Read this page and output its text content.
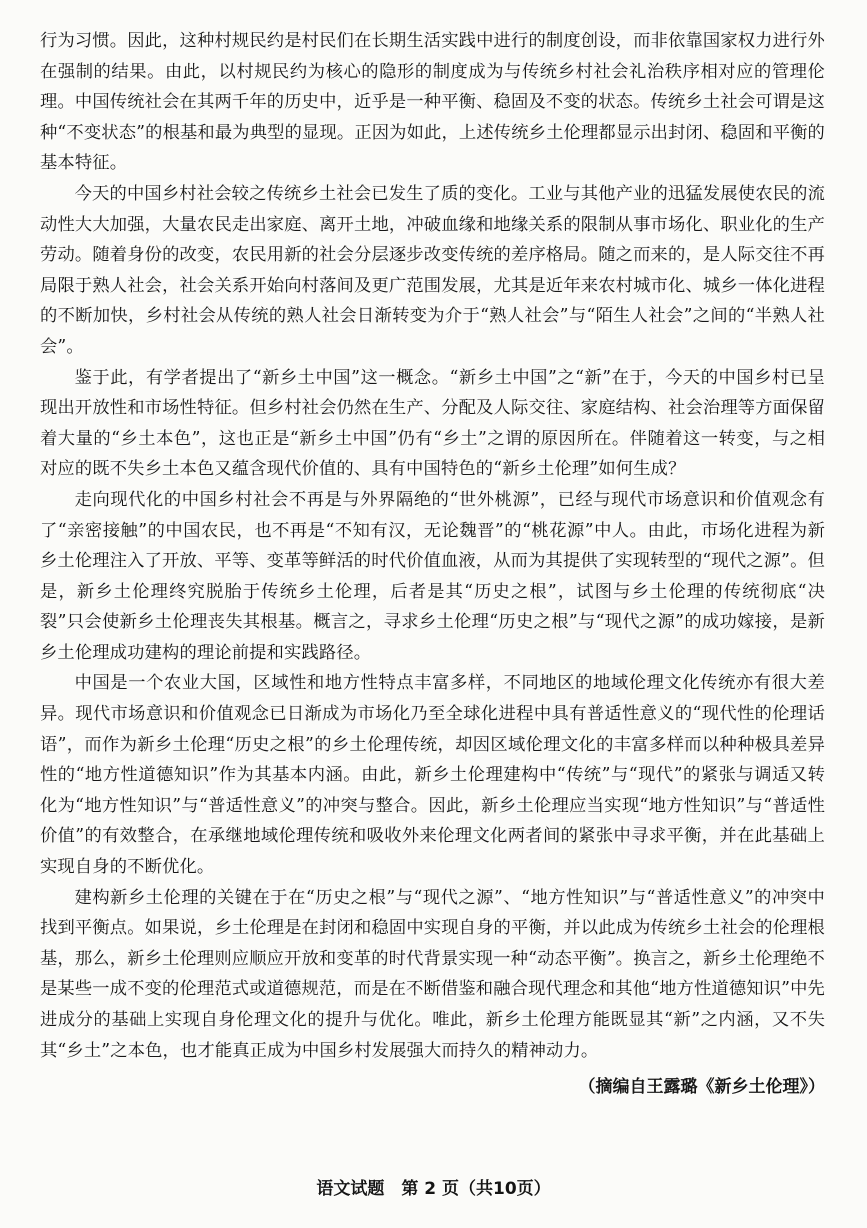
行为习惯。因此，这种村规民约是村民们在长期生活实践中进行的制度创设，而非依靠国家权力进行外在强制的结果。由此，以村规民约为核心的隐形的制度成为与传统乡村社会礼治秩序相对应的管理伦理。中国传统社会在其两千年的历史中，近乎是一种平衡、稳固及不变的状态。传统乡土社会可谓是这种“不变状态”的根基和最为典型的显现。正因为如此，上述传统乡土伦理都显示出封闭、稳固和平衡的基本特征。

今天的中国乡村社会较之传统乡土社会已发生了质的变化。工业与其他产业的迅猛发展使农民的流动性大大加强，大量农民走出家庭、离开土地，冲破血缘和地缘关系的限制从事市场化、职业化的生产劳动。随着身份的改变，农民用新的社会分层逐步改变传统的差序格局。随之而来的，是人际交往不再局限于熟人社会，社会关系开始向村落间及更广范围发展，尤其是近年来农村城市化、城乡一体化进程的不断加快，乡村社会从传统的熟人社会日渐转变为介于“熟人社会”与“陌生人社会”之间的“半熟人社会”。

鉴于此，有学者提出了“新乡土中国”这一概念。“新乡土中国”之“新”在于，今天的中国乡村已呈现出开放性和市场性特征。但乡村社会仍然在生产、分配及人际交往、家庭结构、社会治理等方面保留着大量的“乡土本色”，这也正是“新乡土中国”仍有“乡土”之谓的原因所在。伴随着这一转变，与之相对应的既不失乡土本色又蕴含现代价值的、具有中国特色的“新乡土伦理”如何生成？

走向现代化的中国乡村社会不再是与外界隔绝的“世外桃源”，已经与现代市场意识和价值观念有了“亲密接触”的中国农民，也不再是“不知有汉，无论魏晋”的“桃花源”中人。由此，市场化进程为新乡土伦理注入了开放、平等、变革等鲜活的时代价值血液，从而为其提供了实现转型的“现代之源”。但是，新乡土伦理终究脱胎于传统乡土伦理，后者是其“历史之根”，试图与乡土伦理的传统彻底“决裂”只会使新乡土伦理丧失其根基。概言之，寻求乡土伦理“历史之根”与“现代之源”的成功嫁接，是新乡土伦理成功建构的理论前提和实践路径。

中国是一个农业大国，区域性和地方性特点丰富多样，不同地区的地域伦理文化传统亦有很大差异。现代市场意识和价值观念已日渐成为市场化乃至全球化进程中具有普适性意义的“现代性的伦理话语”，而作为新乡土伦理“历史之根”的乡土伦理传统，却因区域伦理文化的丰富多样而以种种极具差异性的“地方性道德知识”作为其基本内涵。由此，新乡土伦理建构中“传统”与“现代”的紧张与调适又转化为“地方性知识”与“普适性意义”的冲突与整合。因此，新乡土伦理应当实现“地方性知识”与“普适性价值”的有效整合，在承继地域伦理传统和吸收外来伦理文化两者间的紧张中寻求平衡，并在此基础上实现自身的不断优化。

建构新乡土伦理的关键在于在“历史之根”与“现代之源”、“地方性知识”与“普适性意义”的冲突中找到平衡点。如果说，乡土伦理是在封闭和稳固中实现自身的平衡，并以此成为传统乡土社会的伦理根基，那么，新乡土伦理则应顺应开放和变革的时代背景实现一种“动态平衡”。换言之，新乡土伦理绝不是某些一成不变的伦理范式或道德规范，而是在不断借鉴和融合现代理念和其他“地方性道德知识”中先进成分的基础上实现自身伦理文化的提升与优化。唯此，新乡土伦理方能既显其“新”之内涵，又不失其“乡土”之本色，也才能真正成为中国乡村发展强大而持久的精神动力。

（摘编自王露璐《新乡土伦理》）
语文试题　第 2 页（共10页）
